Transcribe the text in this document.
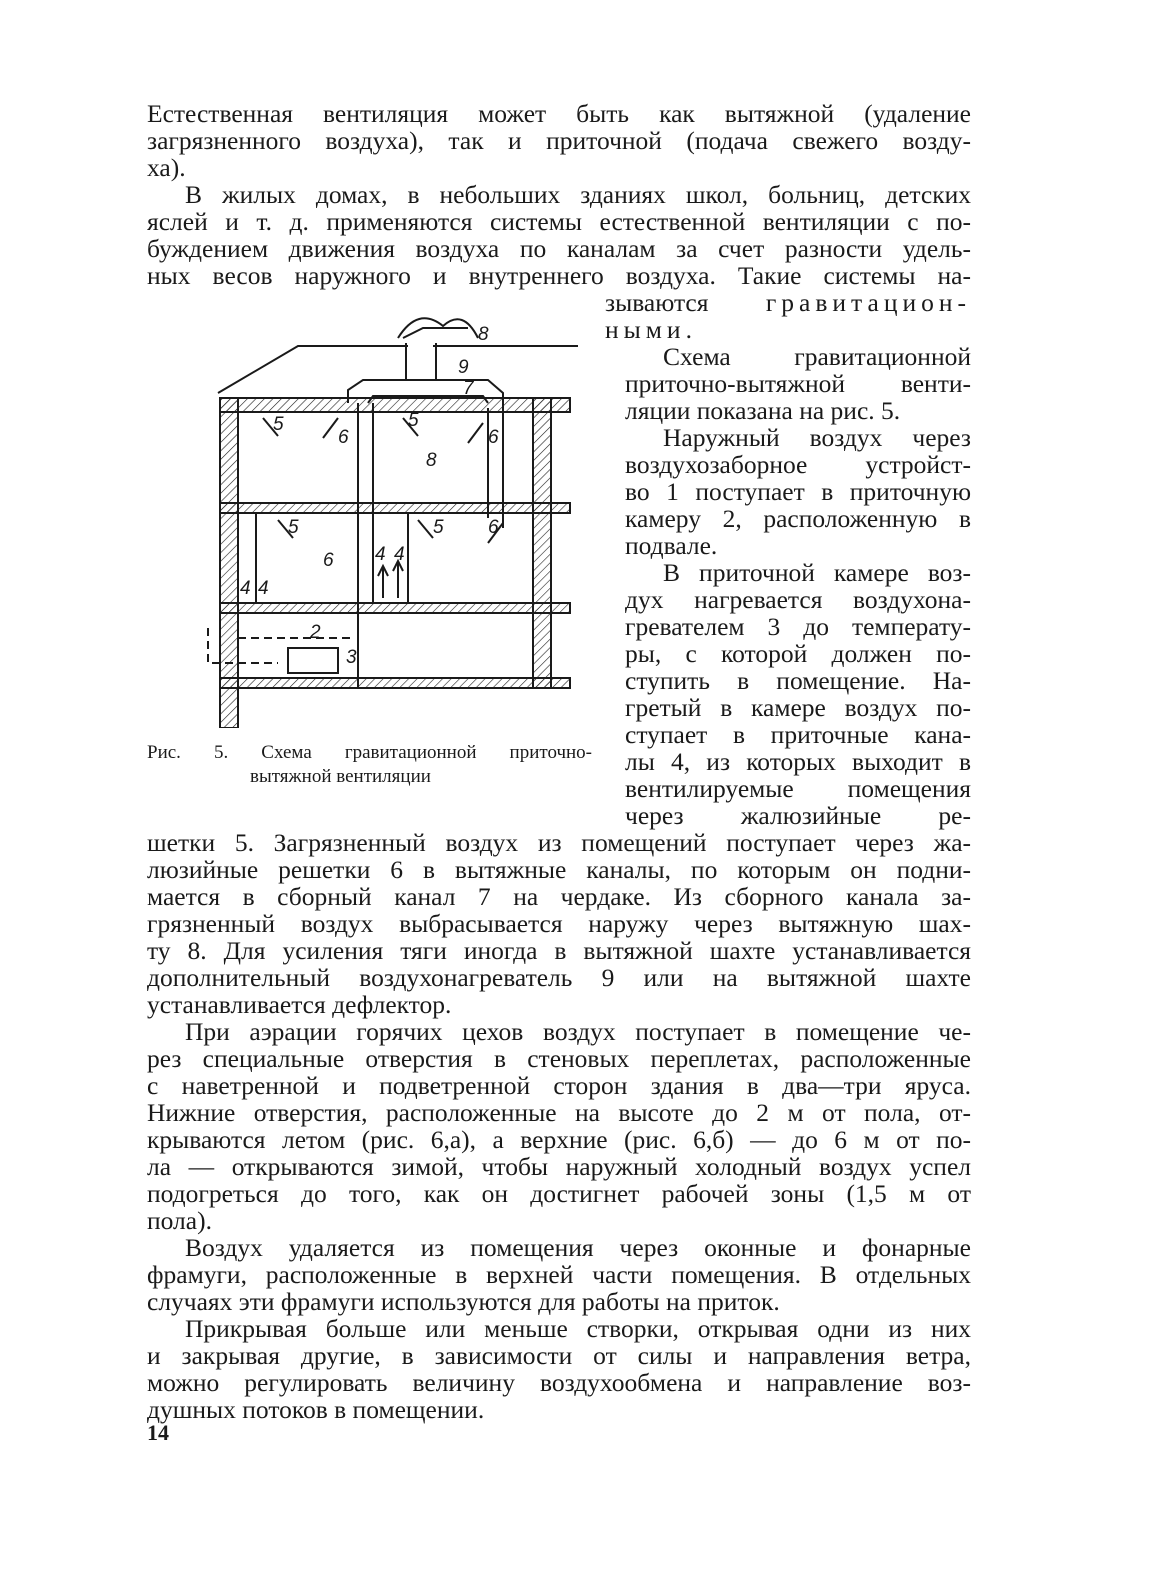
Естественная вентиляция может быть как вытяжной (удаление
загрязненного воздуха), так и приточной (подача свежего возду-
ха).
В жилых домах, в небольших зданиях школ, больниц, детских
яслей и т. д. применяются системы естественной вентиляции с по-
буждением движения воздуха по каналам за счет разности удель-
ных весов наружного и внутреннего воздуха. Такие системы на-
зываются	гравитацион-
ными.
Схема гравитационной
приточно-вытяжной венти-
ляции показана на рис. 5.
Наружный воздух через
воздухозаборное устройст-
во 1 поступает в приточную
камеру 2, расположенную в
подвале.
В приточной камере воз-
дух нагревается воздухона-
гревателем 3 до температу-
ры, с которой должен по-
ступить в помещение. На-
гретый в камере воздух по-
ступает в приточные кана-
лы 4, из которых выходит в
вентилируемые помещения
через жалюзийные ре-
8
9
7
5
6
5
8
6
5
6
5 6
4 4
4 4
2
3
Рис. 5. Схема гравитационной приточно-
вытяжной вентиляции
шетки 5. Загрязненный воздух из помещений поступает через жа-
люзийные решетки 6 в вытяжные каналы, по которым он подни-
мается в сборный канал 7 на чердаке. Из сборного канала за-
грязненный воздух выбрасывается наружу через вытяжную шах-
ту 8. Для усиления тяги иногда в вытяжной шахте устанавливается
дополнительный воздухонагреватель 9 или на вытяжной шахте
устанавливается дефлектор.
При аэрации горячих цехов воздух поступает в помещение че-
рез специальные отверстия в стеновых переплетах, расположенные
с наветренной и подветренной сторон здания в два—три яруса.
Нижние отверстия, расположенные на высоте до 2 м от пола, от-
крываются летом (рис. 6,а), а верхние (рис. 6,б) — до 6 м от по-
ла — открываются зимой, чтобы наружный холодный воздух успел
подогреться до того, как он достигнет рабочей зоны (1,5 м от
пола).
Воздух удаляется из помещения через оконные и фонарные
фрамуги, расположенные в верхней части помещения. В отдельных
случаях эти фрамуги используются для работы на приток.
Прикрывая больше или меньше створки, открывая одни из них
и закрывая другие, в зависимости от силы и направления ветра,
можно регулировать величину воздухообмена и направление воз-
душных потоков в помещении.
14
